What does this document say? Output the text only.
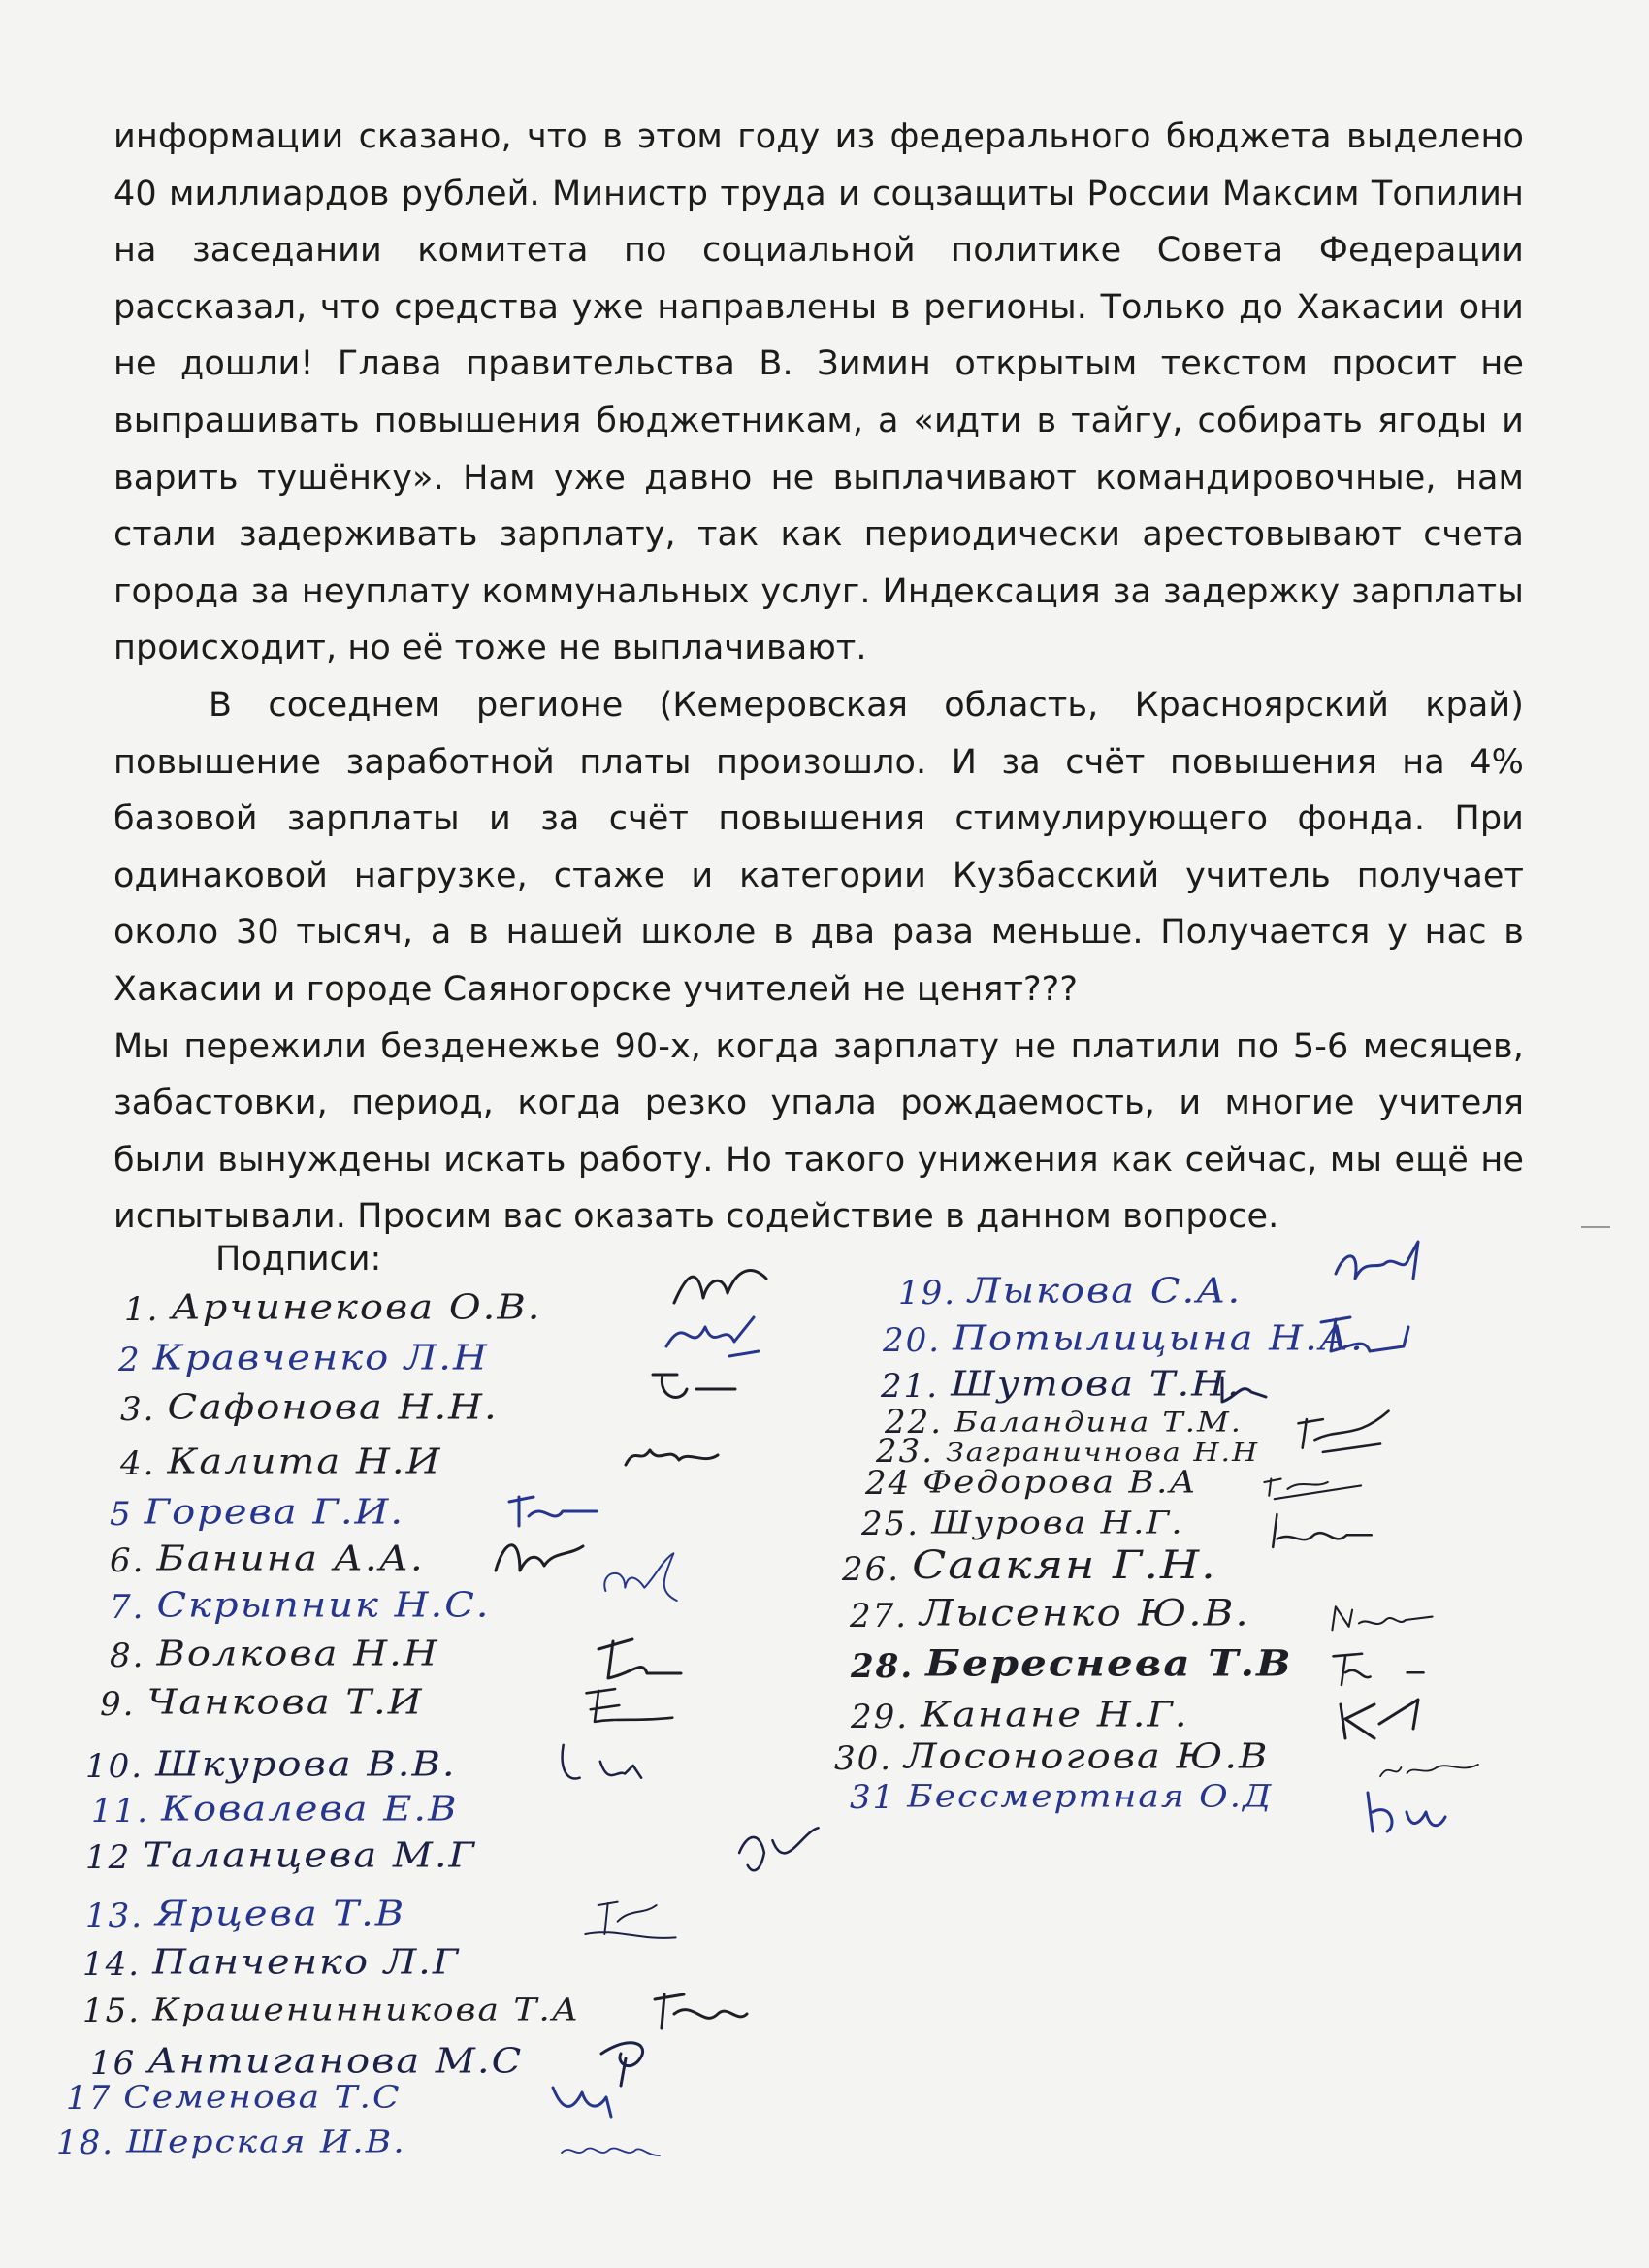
информации сказано, что в этом году из федерального бюджета выделено 40 миллиардов рублей. Министр труда и соцзащиты России Максим Топилин на заседании комитета по социальной политике Совета Федерации рассказал, что средства уже направлены в регионы. Только до Хакасии они не дошли! Глава правительства В. Зимин открытым текстом просит не выпрашивать повышения бюджетникам, а «идти в тайгу, собирать ягоды и варить тушёнку». Нам уже давно не выплачивают командировочные, нам стали задерживать зарплату, так как периодически арестовывают счета города за неуплату коммунальных услуг. Индексация за задержку зарплаты происходит, но её тоже не выплачивают.

В соседнем регионе (Кемеровская область, Красноярский край) повышение заработной платы произошло. И за счёт повышения на 4% базовой зарплаты и за счёт повышения стимулирующего фонда. При одинаковой нагрузке, стаже и категории Кузбасский учитель получает около 30 тысяч, а в нашей школе в два раза меньше. Получается у нас в Хакасии и городе Саяногорске учителей не ценят???

Мы пережили безденежье 90-х, когда зарплату не платили по 5-6 месяцев, забастовки, период, когда резко упала рождаемость, и многие учителя были вынуждены искать работу. Но такого унижения как сейчас, мы ещё не испытывали. Просим вас оказать содействие в данном вопросе.

Подписи:
1. Арчинекова О.В.
2 Кравченко Л.Н
3. Сафонова Н.Н.
4. Калита Н.И
5 Горева Г.И.
6. Банина А.А.
7. Скрыпник Н.С.
8. Волкова Н.Н
9. Чанкова Т.И
10. Шкурова В.В.
11. Ковалева Е.В
12 Таланцева М.Г
13. Ярцева Т.В
14. Панченко Л.Г
15. Крашенинникова Т.А
16 Антиганова М.С
17 Семенова Т.С
18. Шерская И.В.
19. Лыкова С.А.
20. Потылицына Н.А.
21. Шутова Т.Н.
22. Баландина Т.М.
23. Заграничнова Н.Н
24 Федорова В.А
25. Шурова Н.Г.
26. Саакян Г.Н.
27. Лысенко Ю.В.
28. Береснева Т.В
29. Канане Н.Г.
30. Лосоногова Ю.В
31 Бессмертная О.Д
